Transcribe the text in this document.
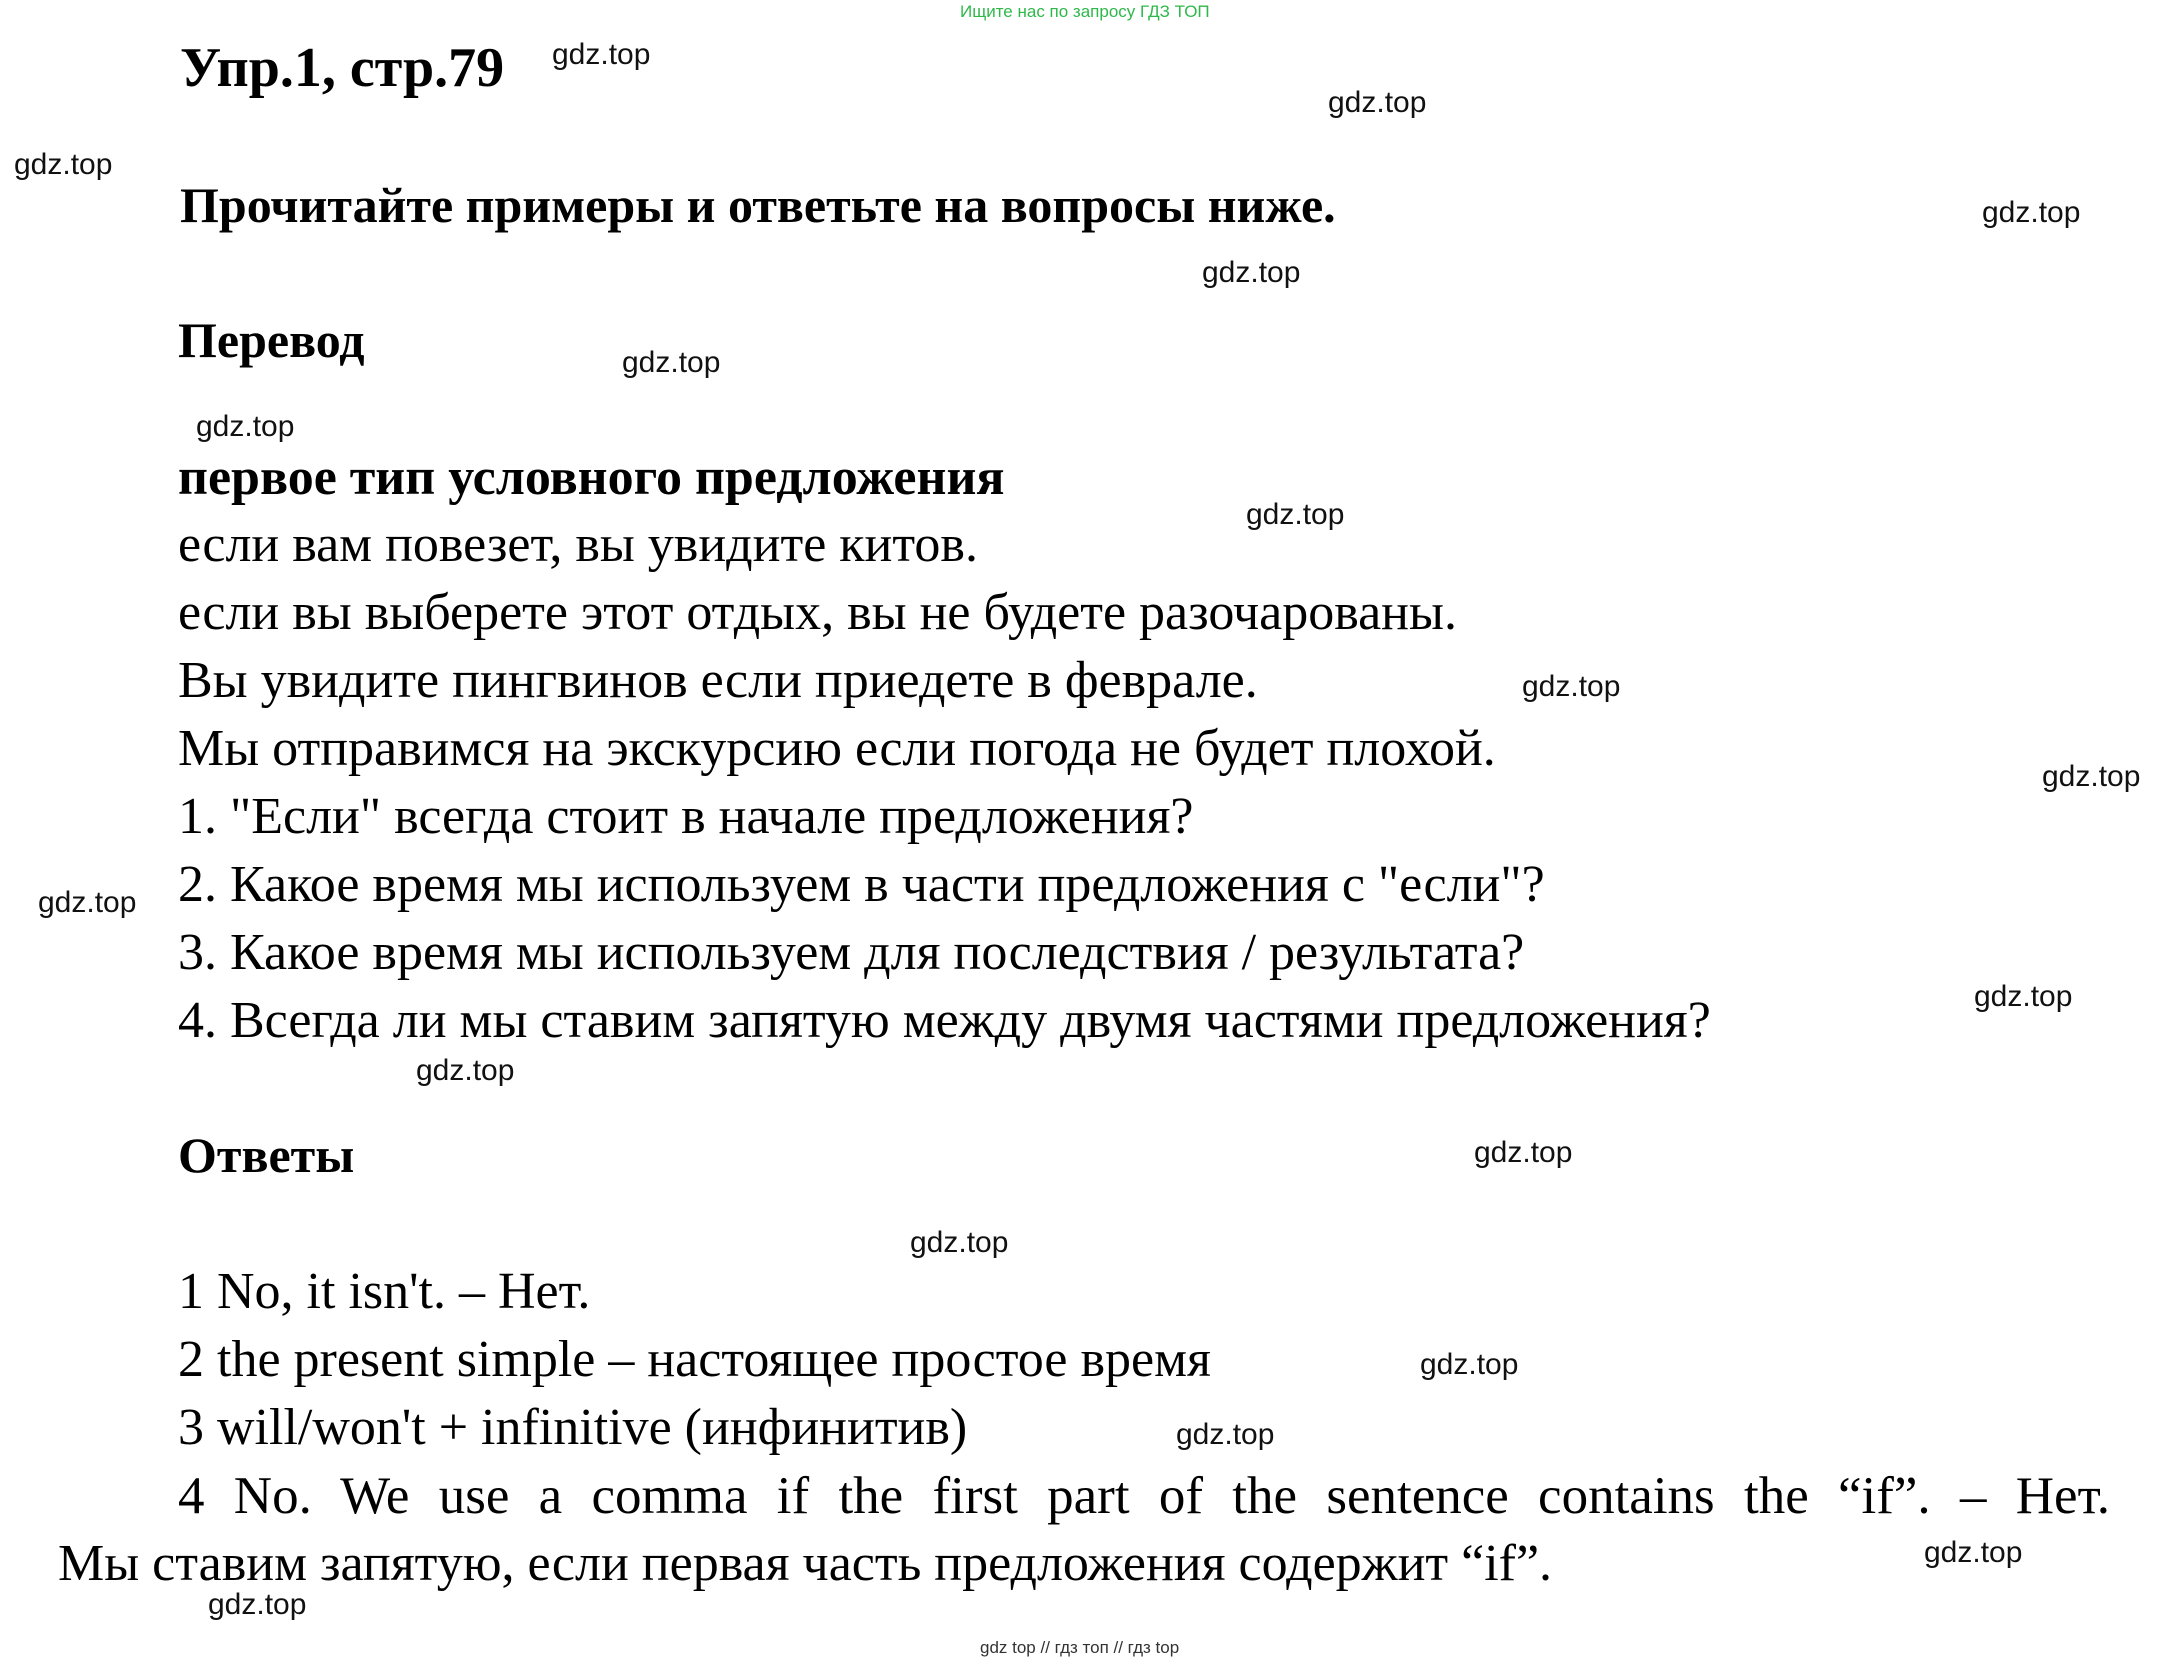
Ищите нас по запросу ГДЗ ТОП
Упр.1, стр.79
Прочитайте примеры и ответьте на вопросы ниже.
Перевод
первое тип условного предложения
если вам повезет, вы увидите китов.
если вы выберете этот отдых, вы не будете разочарованы.
Вы увидите пингвинов если приедете в феврале.
Мы отправимся на экскурсию если погода не будет плохой.
1. "Если" всегда стоит в начале предложения?
2. Какое время мы используем в части предложения с "если"?
3. Какое время мы используем для последствия / результата?
4. Всегда ли мы ставим запятую между двумя частями предложения?
Ответы
1 No, it isn't. – Нет.
2 the present simple – настоящее простое время
3 will/won't + infinitive (инфинитив)
4 No. We use a comma if the first part of the sentence contains the “if”. – Нет.
Мы ставим запятую, если первая часть предложения содержит “if”.
gdz.top
gdz.top
gdz.top
gdz.top
gdz.top
gdz.top
gdz.top
gdz.top
gdz.top
gdz.top
gdz.top
gdz.top
gdz.top
gdz.top
gdz.top
gdz.top
gdz.top
gdz.top
gdz.top
gdz top // гдз топ // гдз top
